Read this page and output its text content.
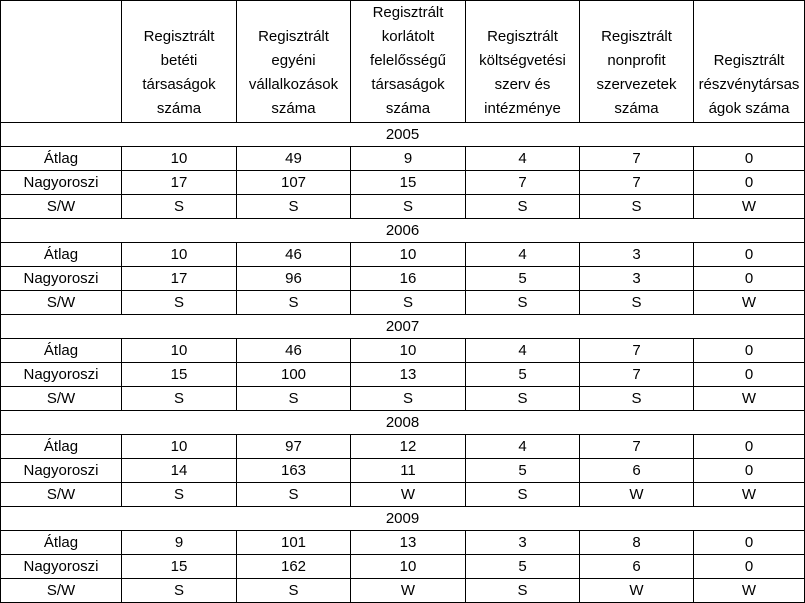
	Regisztrált
betéti
társaságok
száma	Regisztrált
egyéni
vállalkozások
száma	Regisztrált
korlátolt
felelősségű
társaságok
száma	Regisztrált
költségvetési
szerv és
intézménye	Regisztrált
nonprofit
szervezetek
száma	Regisztrált
részvénytársas
ágok száma
2005						
Átlag	10	49	9	4	7	0
Nagyoroszi	17	107	15	7	7	0
S/W	S	S	S	S	S	W
2006						
Átlag	10	46	10	4	3	0
Nagyoroszi	17	96	16	5	3	0
S/W	S	S	S	S	S	W
2007						
Átlag	10	46	10	4	7	0
Nagyoroszi	15	100	13	5	7	0
S/W	S	S	S	S	S	W
2008						
Átlag	10	97	12	4	7	0
Nagyoroszi	14	163	11	5	6	0
S/W	S	S	W	S	W	W
2009						
Átlag	9	101	13	3	8	0
Nagyoroszi	15	162	10	5	6	0
S/W	S	S	W	S	W	W
